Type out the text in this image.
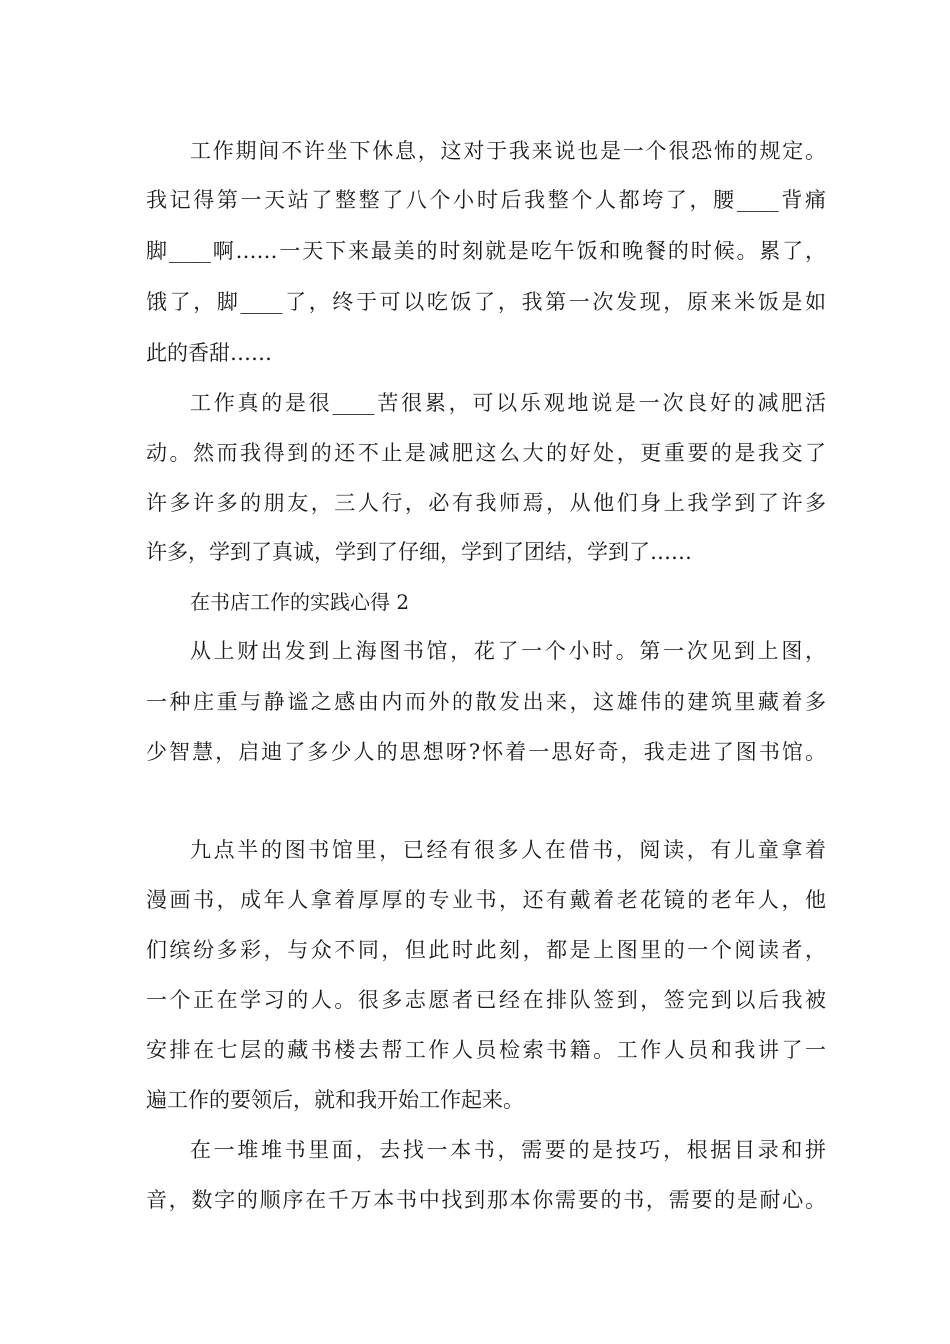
工作期间不许坐下休息，这对于我来说也是一个很恐怖的规定。
我记得第一天站了整整了八个小时后我整个人都垮了，腰____背痛
脚____啊……一天下来最美的时刻就是吃午饭和晚餐的时候。累了，
饿了，脚____了，终于可以吃饭了，我第一次发现，原来米饭是如
此的香甜……
工作真的是很____苦很累，可以乐观地说是一次良好的减肥活
动。然而我得到的还不止是减肥这么大的好处，更重要的是我交了
许多许多的朋友，三人行，必有我师焉，从他们身上我学到了许多
许多，学到了真诚，学到了仔细，学到了团结，学到了……
在书店工作的实践心得 2
从上财出发到上海图书馆，花了一个小时。第一次见到上图，
一种庄重与静谧之感由内而外的散发出来，这雄伟的建筑里藏着多
少智慧，启迪了多少人的思想呀?怀着一思好奇，我走进了图书馆。
九点半的图书馆里，已经有很多人在借书，阅读，有儿童拿着
漫画书，成年人拿着厚厚的专业书，还有戴着老花镜的老年人，他
们缤纷多彩，与众不同，但此时此刻，都是上图里的一个阅读者，
一个正在学习的人。很多志愿者已经在排队签到，签完到以后我被
安排在七层的藏书楼去帮工作人员检索书籍。工作人员和我讲了一
遍工作的要领后，就和我开始工作起来。
在一堆堆书里面，去找一本书，需要的是技巧，根据目录和拼
音，数字的顺序在千万本书中找到那本你需要的书，需要的是耐心。
